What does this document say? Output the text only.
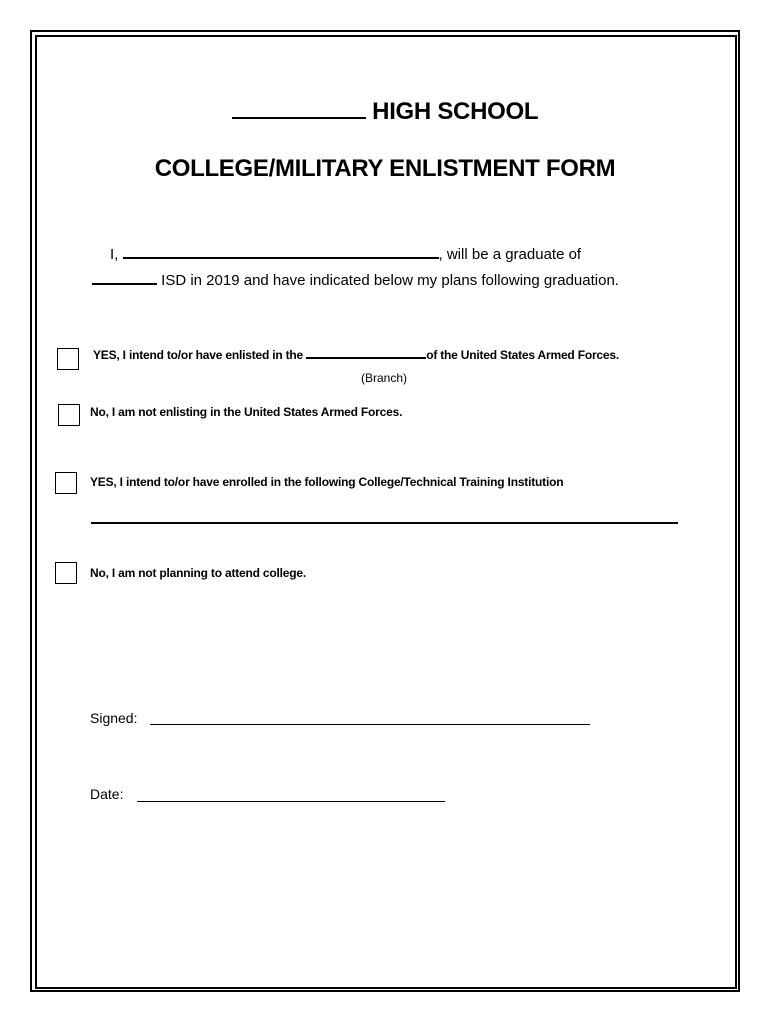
HIGH SCHOOL
COLLEGE/MILITARY ENLISTMENT FORM
I,	, will be a graduate of
ISD in 2019 and have indicated below my plans following graduation.
YES, I intend to/or have enlisted in the	of the United States Armed Forces.
(Branch)
No, I am not enlisting in the United States Armed Forces.
YES, I intend to/or have enrolled in the following College/Technical Training Institution
No, I am not planning to attend college.
Signed:
Date:
